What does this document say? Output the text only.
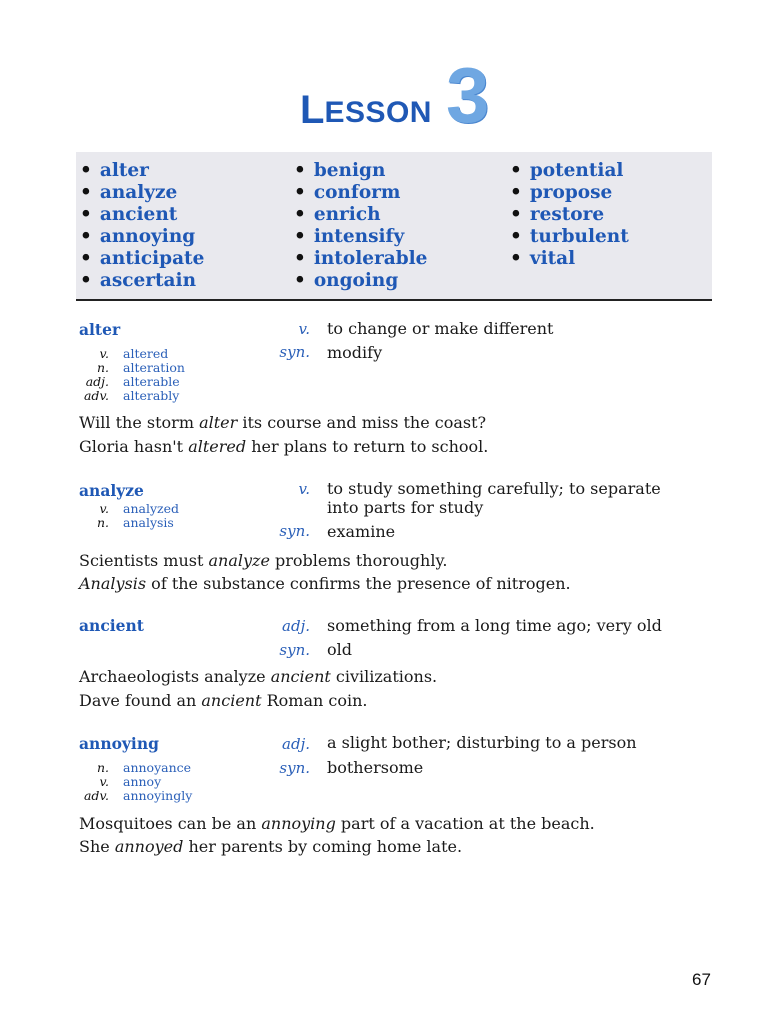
L ESSON 3
• alter
• analyze
• ancient
• annoying
• anticipate
• ascertain
• benign
• conform
• enrich
• intensify
• intolerable
• ongoing
• potential
• propose
• restore
• turbulent
• vital
alter	v. to change or make different
syn. modify
v. altered
n. alteration
adj. alterable
adv. alterably
Will the storm alter its course and miss the coast?
Gloria hasn't altered her plans to return to school.
analyze	v. to study something carefully; to separate
into parts for study
syn. examine
v. analyzed
n. analysis
Scientists must analyze problems thoroughly.
Analysis of the substance confirms the presence of nitrogen.
ancient	adj. something from a long time ago; very old
syn. old
Archaeologists analyze ancient civilizations.
Dave found an ancient Roman coin.
annoying	adj. a slight bother; disturbing to a person
syn. bothersome
n. annoyance
v. annoy
adv. annoyingly
Mosquitoes can be an annoying part of a vacation at the beach.
She annoyed her parents by coming home late.
67
